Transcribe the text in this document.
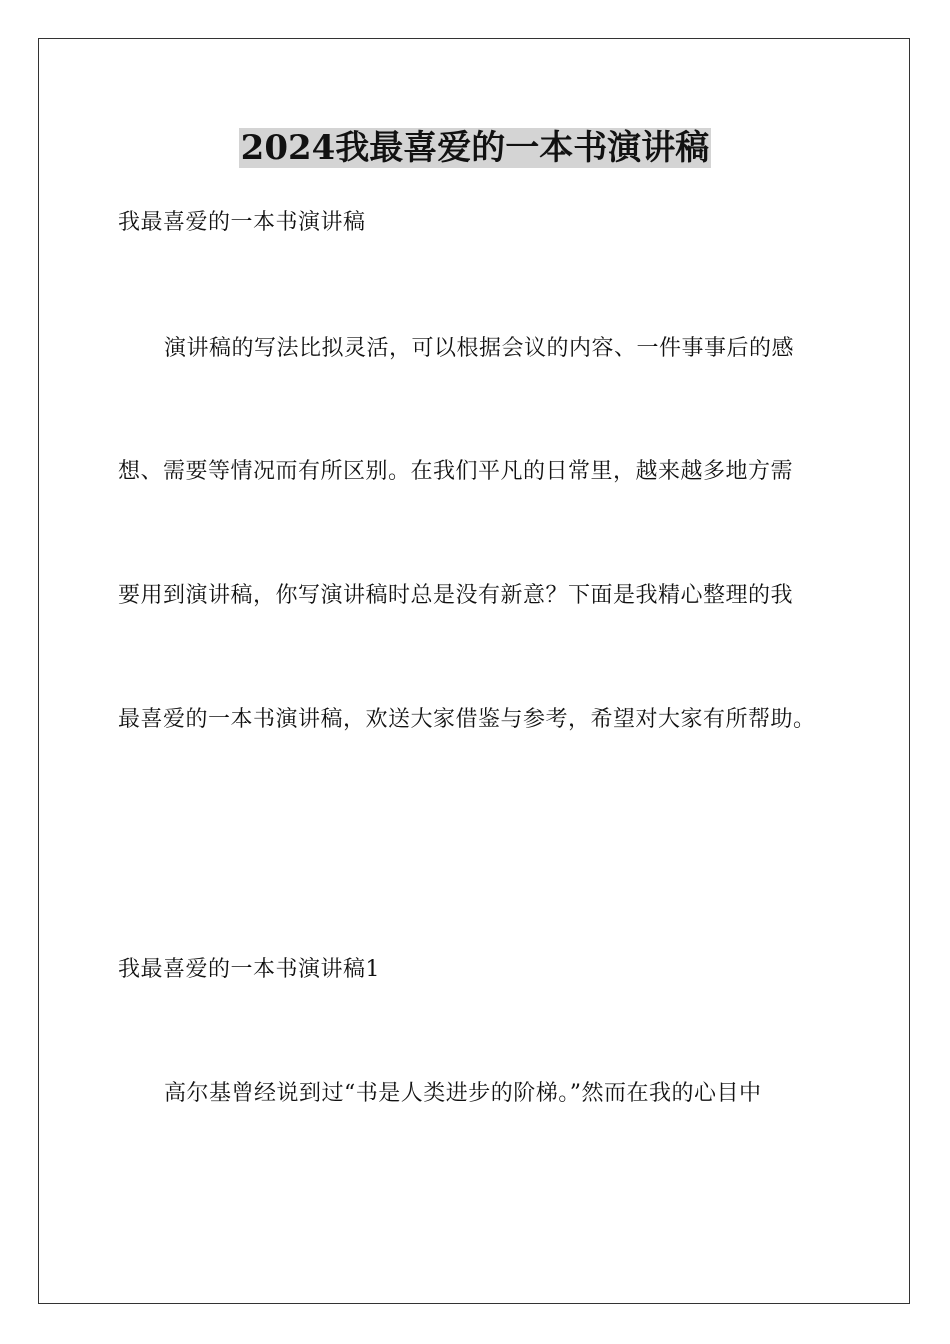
2024我最喜爱的一本书演讲稿

我最喜爱的一本书演讲稿

演讲稿的写法比拟灵活，可以根据会议的内容、一件事事后的感

想、需要等情况而有所区别。在我们平凡的日常里，越来越多地方需

要用到演讲稿，你写演讲稿时总是没有新意？下面是我精心整理的我

最喜爱的一本书演讲稿，欢送大家借鉴与参考，希望对大家有所帮助。

我最喜爱的一本书演讲稿1

高尔基曾经说到过“书是人类进步的阶梯。”然而在我的心目中
